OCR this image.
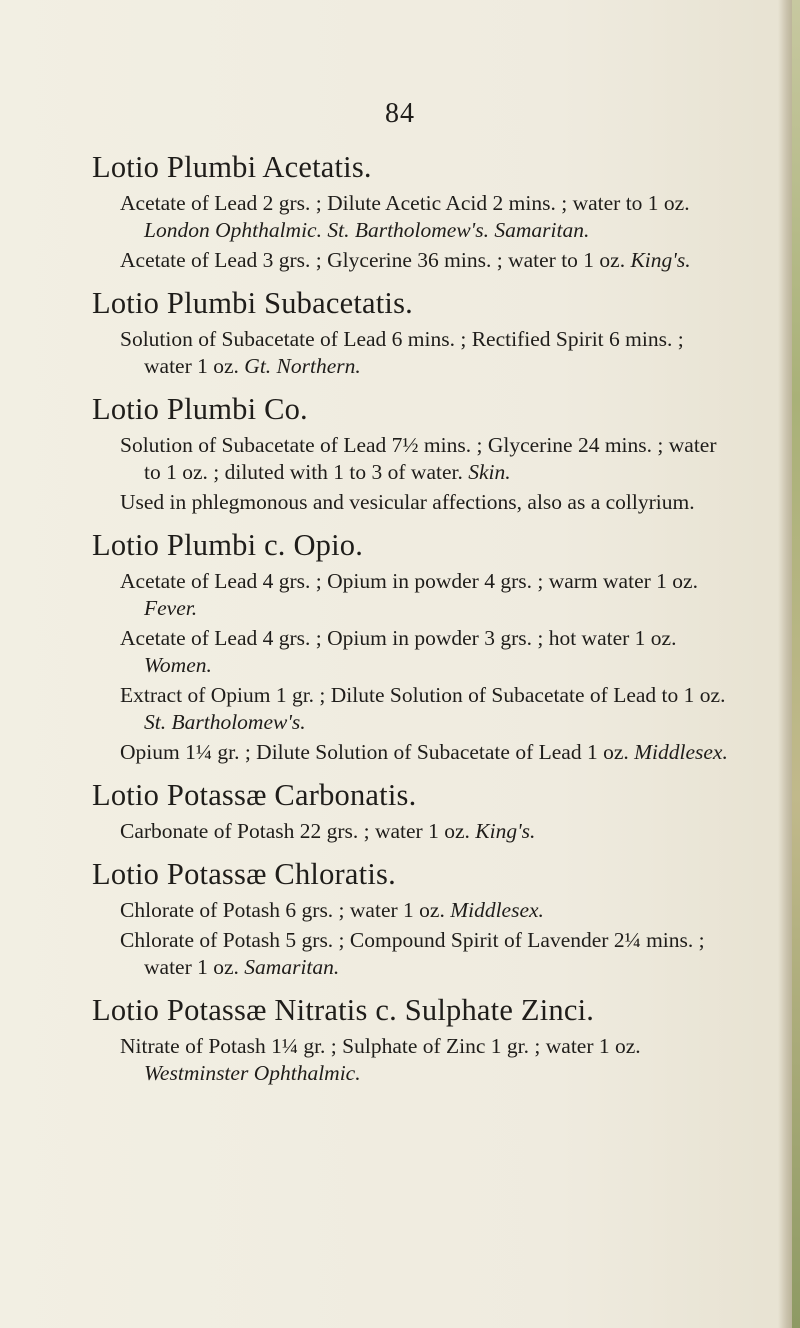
84
Lotio Plumbi Acetatis.

Acetate of Lead 2 grs. ; Dilute Acetic Acid 2 mins. ; water to 1 oz. London Ophthalmic. St. Bartholomew's. Samaritan.

Acetate of Lead 3 grs. ; Glycerine 36 mins. ; water to 1 oz. King's.

Lotio Plumbi Subacetatis.

Solution of Subacetate of Lead 6 mins. ; Rectified Spirit 6 mins. ; water 1 oz. Gt. Northern.

Lotio Plumbi Co.

Solution of Subacetate of Lead 7½ mins. ; Glycerine 24 mins. ; water to 1 oz. ; diluted with 1 to 3 of water. Skin.

Used in phlegmonous and vesicular affections, also as a collyrium.

Lotio Plumbi c. Opio.

Acetate of Lead 4 grs. ; Opium in powder 4 grs. ; warm water 1 oz. Fever.

Acetate of Lead 4 grs. ; Opium in powder 3 grs. ; hot water 1 oz. Women.

Extract of Opium 1 gr. ; Dilute Solution of Subacetate of Lead to 1 oz. St. Bartholomew's.

Opium 1¼ gr. ; Dilute Solution of Subacetate of Lead 1 oz. Middlesex.

Lotio Potassæ Carbonatis.

Carbonate of Potash 22 grs. ; water 1 oz. King's.

Lotio Potassæ Chloratis.

Chlorate of Potash 6 grs. ; water 1 oz. Middlesex.

Chlorate of Potash 5 grs. ; Compound Spirit of Lavender 2¼ mins. ; water 1 oz. Samaritan.

Lotio Potassæ Nitratis c. Sulphate Zinci.

Nitrate of Potash 1¼ gr. ; Sulphate of Zinc 1 gr. ; water 1 oz. Westminster Ophthalmic.
